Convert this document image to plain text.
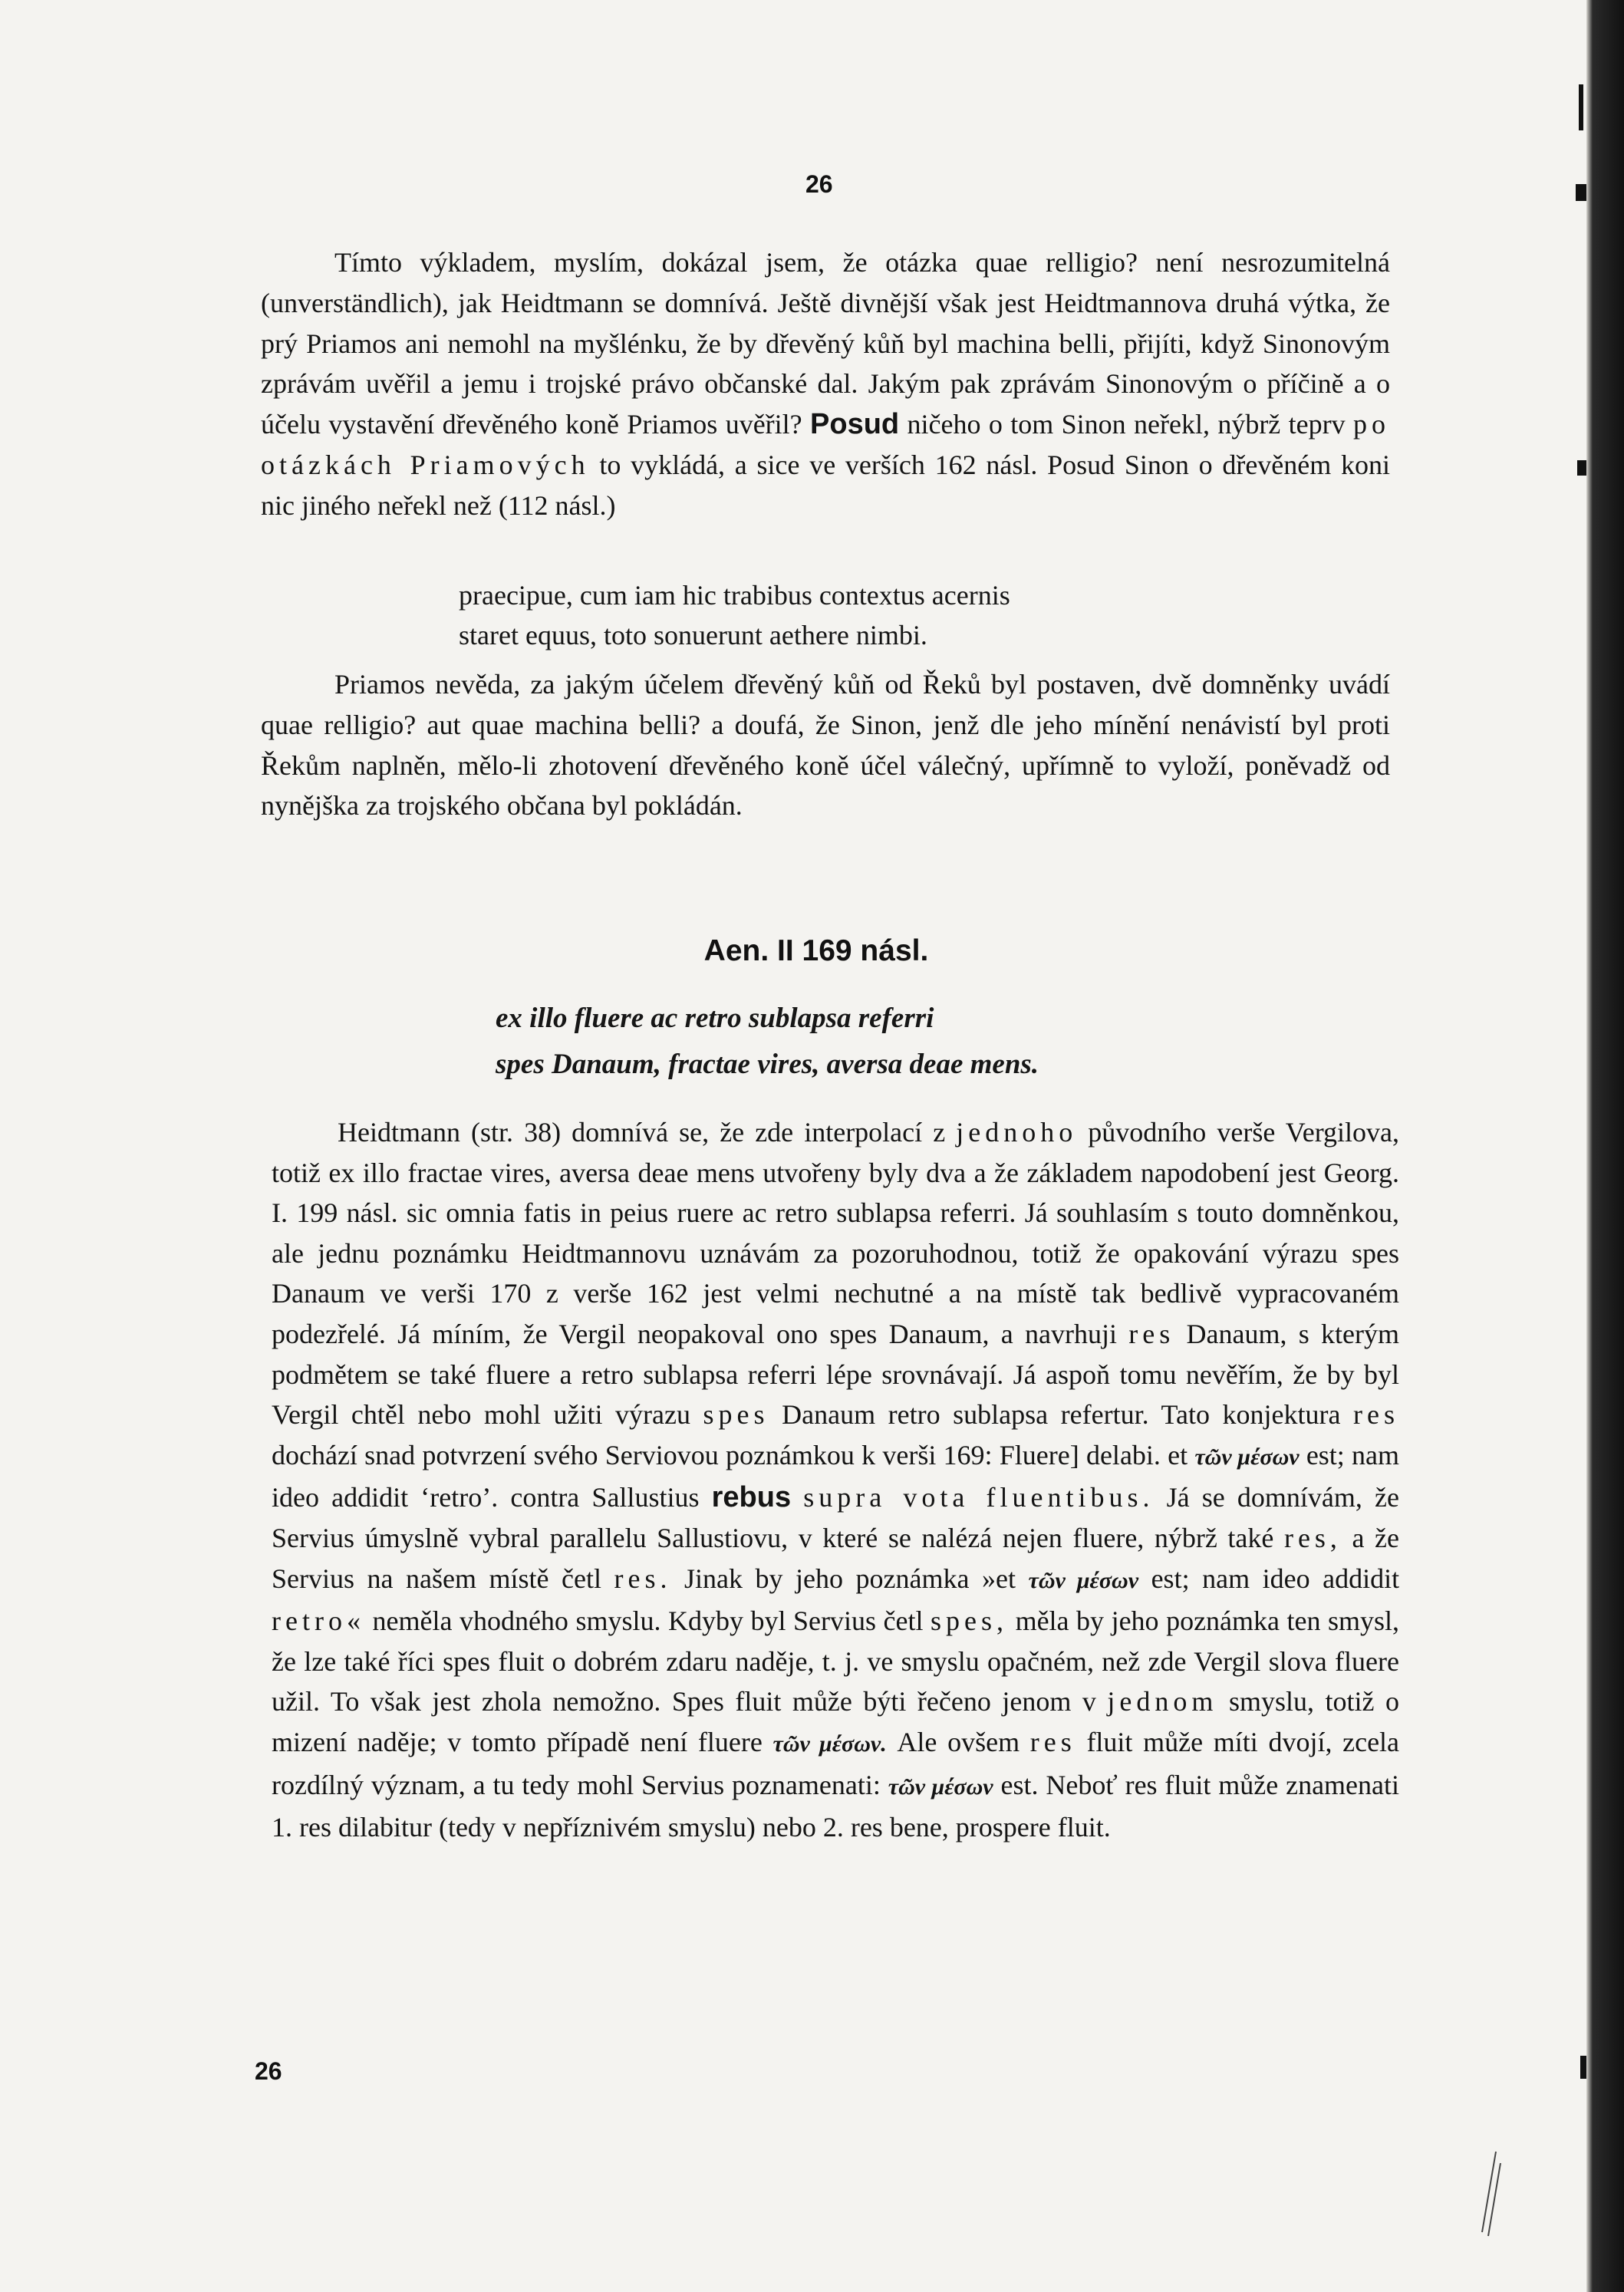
26

Tímto výkladem, myslím, dokázal jsem, že otázka quae relligio? není nesrozumitelná (unverständlich), jak Heidtmann se domnívá. Ještě divnější však jest Heidtmannova druhá výtka, že prý Priamos ani nemohl na myšlénku, že by dřevěný kůň byl machina belli, přijíti, když Sinonovým zprávám uvěřil a jemu i trojské právo občanské dal. Jakým pak zprávám Sinonovým o příčině a o účelu vystavění dřevěného koně Priamos uvěřil? Posud ničeho o tom Sinon neřekl, nýbrž teprv po otázkách Priamových to vykládá, a sice ve verších 162 násl. Posud Sinon o dřevěném koni nic jiného neřekl než (112 násl.)

praecipue, cum iam hic trabibus contextus acernis
staret equus, toto sonuerunt aethere nimbi.

Priamos nevěda, za jakým účelem dřevěný kůň od Řeků byl postaven, dvě domněnky uvádí quae relligio? aut quae machina belli? a doufá, že Sinon, jenž dle jeho mínění nenávistí byl proti Řekům naplněn, mělo-li zhotovení dřevěného koně účel válečný, upřímně to vyloží, poněvadž od nynějška za trojského občana byl pokládán.

Aen. II 169 násl.
ex illo fluere ac retro sublapsa referri
spes Danaum, fractae vires, aversa deae mens.

Heidtmann (str. 38) domnívá se, že zde interpolací z jednoho původního verše Vergilova, totiž ex illo fractae vires, aversa deae mens utvořeny byly dva a že základem napodobení jest Georg. I. 199 násl. sic omnia fatis in peius ruere ac retro sublapsa referri. Já souhlasím s touto domněnkou, ale jednu poznámku Heidtmannovu uznávám za pozoruhodnou, totiž že opakování výrazu spes Danaum ve verši 170 z verše 162 jest velmi nechutné a na místě tak bedlivě vypracovaném podezřelé. Já míním, že Vergil neopakoval ono spes Danaum, a navrhuji res Danaum, s kterým podmětem se také fluere a retro sublapsa referri lépe srovnávají. Já aspoň tomu nevěřím, že by byl Vergil chtěl nebo mohl užiti výrazu spes Danaum retro sublapsa refertur. Tato konjektura res dochází snad potvrzení svého Serviovou poznámkou k verši 169: Fluere] delabi. et τῶν μέσων est; nam ideo addidit ‘retro’. contra Sallustius rebus supra vota fluentibus. Já se domnívám, že Servius úmyslně vybral parallelu Sallustiovu, v které se nalézá nejen fluere, nýbrž také res, a že Servius na našem místě četl res. Jinak by jeho poznámka »et τῶν μέσων est; nam ideo addidit retro« neměla vhodného smyslu. Kdyby byl Servius četl spes, měla by jeho poznámka ten smysl, že lze také říci spes fluit o dobrém zdaru naděje, t. j. ve smyslu opačném, než zde Vergil slova fluere užil. To však jest zhola nemožno. Spes fluit může býti řečeno jenom v jednom smyslu, totiž o mizení naděje; v tomto případě není fluere τῶν μέσων. Ale ovšem res fluit může míti dvojí, zcela rozdílný význam, a tu tedy mohl Servius poznamenati: τῶν μέσων est. Neboť res fluit může znamenati 1. res dilabitur (tedy v nepříznivém smyslu) nebo 2. res bene, prospere fluit.

26
